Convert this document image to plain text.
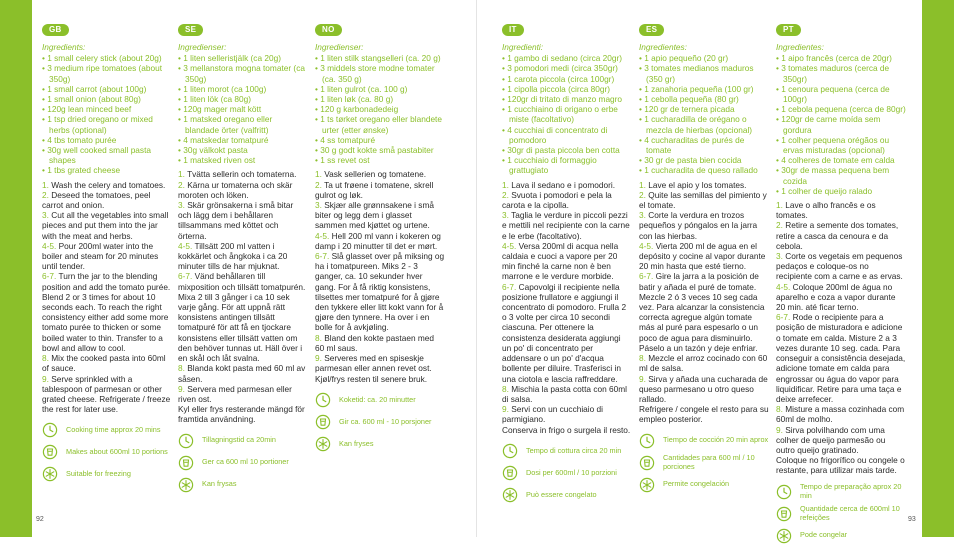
GB
Ingredients:
• 1 small celery stick (about 20g)
• 3 medium ripe tomatoes (about 350g)
• 1 small carrot (about 100g)
• 1 small onion (about 80g)
• 120g lean minced beef
• 1 tsp dried oregano or mixed herbs (optional)
• 4 tbs tomato purée
• 30g well cooked small pasta shapes
• 1 tbs grated cheese

1. Wash the celery and tomatoes.

2. Deseed the tomatoes, peel carrot and onion.

3. Cut all the vegetables into small pieces and put them into the jar with the meat and herbs.

4-5. Pour 200ml water into the boiler and steam for 20 minutes until tender.

6-7. Turn the jar to the blending position and add the tomato purée. Blend 2 or 3 times for about 10 seconds each. To reach the right consistency either add some more tomato purée to thicken or some boiled water to thin. Transfer to a bowl and allow to cool.

8. Mix the cooked pasta into 60ml of sauce.

9. Serve sprinkled with a tablespoon of parmesan or other grated cheese. Refrigerate / freeze the rest for later use.

Cooking time approx 20 mins
Makes about 600ml 10 portions
Suitable for freezing
SE
Ingredienser:
• 1 liten selleristjälk (ca 20g)
• 3 mellanstora mogna tomater (ca 350g)
• 1 liten morot (ca 100g)
• 1 liten lök (ca 80g)
• 120g mager malt kött
• 1 matsked oregano eller blandade örter (valfritt)
• 4 matskedar tomatpuré
• 30g välkokt pasta
• 1 matsked riven ost

1. Tvätta sellerin och tomaterna.

2. Kärna ur tomaterna och skär moroten och löken.

3. Skär grönsakerna i små bitar och lägg dem i behållaren tillsammans med köttet och örterna.

4-5. Tillsätt 200 ml vatten i kokkärlet och ångkoka i ca 20 minuter tills de har mjuknat.

6-7. Vänd behållaren till mixposition och tillsätt tomatpurén. Mixa 2 till 3 gånger i ca 10 sek varje gång. För att uppnå rätt konsistens antingen tillsätt tomatpuré för att få en tjockare konsistens eller tillsätt vatten om den behöver tunnas ut. Häll över i en skål och låt svalna.

8. Blanda kokt pasta med 60 ml av såsen.

9. Servera med parmesan eller riven ost.

Kyl eller frys resterande mängd för framtida användning.

Tillagningstid ca 20min
Ger ca 600 ml 10 portioner
Kan frysas
NO
Ingredienser:
• 1 liten stilk stangselleri (ca. 20 g)
• 3 middels store modne tomater (ca. 350 g)
• 1 liten gulrot (ca. 100 g)
• 1 liten løk (ca. 80 g)
• 120 g karbonadedeig
• 1 ts tørket oregano eller blandete urter (etter ønske)
• 4 ss tomatpuré
• 30 g godt kokte små pastabiter
• 1 ss revet ost

1. Vask sellerien og tomatene.

2. Ta ut frøene i tomatene, skrell gulrot og løk.

3. Skjær alle grønnsakene i små biter og legg dem i glasset sammen med kjøttet og urtene.

4-5. Hell 200 ml vann i kokeren og damp i 20 minutter til det er mørt.

6-7. Slå glasset over på miksing og ha i tomatpureen. Miks 2 - 3 ganger, ca. 10 sekunder hver gang. For å få riktig konsistens, tilsettes mer tomatpuré for å gjøre den tykkere eller litt kokt vann for å gjøre den tynnere. Ha over i en bolle for å avkjøling.

8. Bland den kokte pastaen med 60 ml saus.

9. Serveres med en spiseskje parmesan eller annen revet ost. Kjøl/frys resten til senere bruk.

Koketid: ca. 20 minutter
Gir ca. 600 ml - 10 porsjoner
Kan fryses
IT
Ingredienti:
• 1 gambo di sedano (circa 20gr)
• 3 pomodori medi (circa 350gr)
• 1 carota piccola (circa 100gr)
• 1 cipolla piccola (circa 80gr)
• 120gr di tritato di manzo magro
• 1 cucchiaino di origano o erbe miste (facoltativo)
• 4 cucchiai di concentrato di pomodoro
• 30gr di pasta piccola ben cotta
• 1 cucchiaio di formaggio grattugiato

1. Lava il sedano e i pomodori.

2. Svuota i pomodori e pela la carota e la cipolla.

3. Taglia le verdure in piccoli pezzi e mettili nel recipiente con la carne e le erbe (facoltativo).

4-5. Versa 200ml di acqua nella caldaia e cuoci a vapore per 20 min finché la carne non è ben marrone e le verdure morbide.

6-7. Capovolgi il recipiente nella posizione frullatore e aggiungi il concentrato di pomodoro. Frulla 2 o 3 volte per circa 10 secondi ciascuna. Per ottenere la consistenza desiderata aggiungi un po' di concentrato per addensare o un po' d'acqua bollente per diluire. Trasferisci in una ciotola e lascia raffreddare.

8. Mischia la pasta cotta con 60ml di salsa.

9. Servi con un cucchiaio di parmigiano.

Conserva in frigo o surgela il resto.

Tempo di cottura circa 20 min
Dosi per 600ml / 10 porzioni
Può essere congelato
ES
Ingredientes:
• 1 apio pequeño (20 gr)
• 3 tomates medianos maduros (350 gr)
• 1 zanahoria pequeña (100 gr)
• 1 cebolla pequeña (80 gr)
• 120 gr de ternera picada
• 1 cucharadilla de orégano o mezcla de hierbas (opcional)
• 4 cucharaditas de purés de tomate
• 30 gr de pasta bien cocida
• 1 cucharadita de queso rallado

1. Lave el apio y los tomates.

2. Quite las semillas del pimiento y el tomate.

3. Corte la verdura en trozos pequeños y póngalos en la jarra con las hierbas.

4-5. Vierta 200 ml de agua en el depósito y cocine al vapor durante 20 min hasta que esté tierno.

6-7. Gire la jarra a la posición de batir y añada el puré de tomate. Mezcle 2 ó 3 veces 10 seg cada vez. Para alcanzar la consistencia correcta agregue algún tomate más al puré para espesarlo o un poco de agua para disminuirlo. Páselo a un tazón y deje enfriar.

8. Mezcle el arroz cocinado con 60 ml de salsa.

9. Sirva y añada una cucharada de queso parmesano u otro queso rallado.

Refrigere / congele el resto para su empleo posterior.

Tiempo de cocción 20 min aprox
Cantidades para 600 ml / 10 porciones
Permite congelación
PT
Ingredientes:
• 1 aipo francês (cerca de 20gr)
• 3 tomates maduros (cerca de 350gr)
• 1 cenoura pequena (cerca de 100gr)
• 1 cebola pequena (cerca de 80gr)
• 120gr de carne moída sem gordura
• 1 colher pequena orégãos ou ervas misturadas (opcional)
• 4 colheres de tomate em calda
• 30gr de massa pequena bem cozida
• 1 colher de queijo ralado

1. Lave o alho francês e os tomates.

2. Retire a semente dos tomates, retire a casca da cenoura e da cebola.

3. Corte os vegetais em pequenos pedaços e coloque-os no recipiente com a carne e as ervas.

4-5. Coloque 200ml de água no aparelho e coza a vapor durante 20 min. até ficar terno.

6-7. Rode o recipiente para a posição de misturadora e adicione o tomate em calda. Misture 2 a 3 vezes durante 10 seg. cada. Para conseguir a consistência desejada, adicione tomate em calda para engrossar ou água do vapor para liquidificar. Retire para uma taça e deixe arrefecer.

8. Misture a massa cozinhada com 60ml de molho.

9. Sirva polvilhando com uma colher de queijo parmesão ou outro queijo gratinado.

Coloque no frigorífico ou congele o restante, para utilizar mais tarde.

Tempo de preparação aprox 20 min
Quantidade cerca de 600ml 10 refeições
Pode congelar
92	93
